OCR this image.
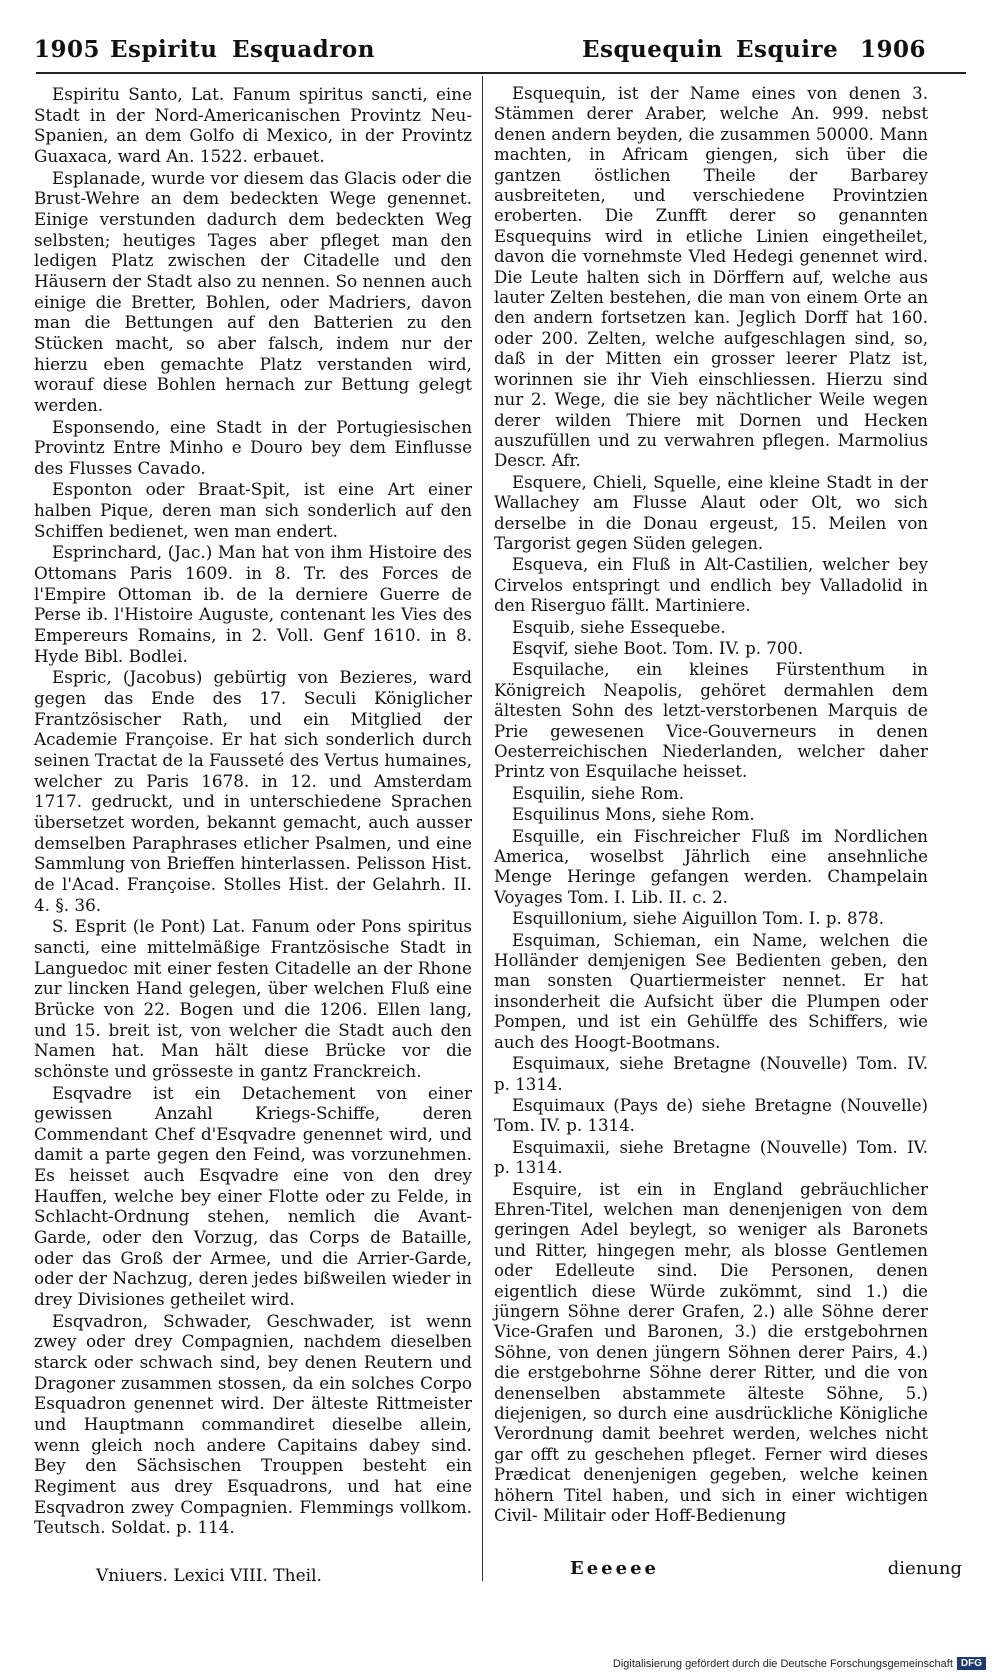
1905 Espiritu Esquadron	Esquequin Esquire 1906

Espiritu Santo, Lat. Fanum spiritus sancti, eine Stadt in der Nord-Americanischen Provintz Neu-Spanien, an dem Golfo di Mexico, in der Provintz Guaxaca, ward An. 1522. erbauet.

Esplanade, wurde vor diesem das Glacis oder die Brust-Wehre an dem bedeckten Wege genennet. Einige verstunden dadurch dem bedeckten Weg selbsten; heutiges Tages aber pfleget man den ledigen Platz zwischen der Citadelle und den Häusern der Stadt also zu nennen. So nennen auch einige die Bretter, Bohlen, oder Madriers, davon man die Bettungen auf den Batterien zu den Stücken macht, so aber falsch, indem nur der hierzu eben gemachte Platz verstanden wird, worauf diese Bohlen hernach zur Bettung gelegt werden.

Esponsendo, eine Stadt in der Portugiesischen Provintz Entre Minho e Douro bey dem Einflusse des Flusses Cavado.

Esponton oder Braat-Spit, ist eine Art einer halben Pique, deren man sich sonderlich auf den Schiffen bedienet, wen man endert.

Esprinchard, (Jac.) Man hat von ihm Histoire des Ottomans Paris 1609. in 8. Tr. des Forces de l'Empire Ottoman ib. de la derniere Guerre de Perse ib. l'Histoire Auguste, contenant les Vies des Empereurs Romains, in 2. Voll. Genf 1610. in 8. Hyde Bibl. Bodlei.

Espric, (Jacobus) gebürtig von Bezieres, ward gegen das Ende des 17. Seculi Königlicher Frantzösischer Rath, und ein Mitglied der Academie Françoise. Er hat sich sonderlich durch seinen Tractat de la Fausseté des Vertus humaines, welcher zu Paris 1678. in 12. und Amsterdam 1717. gedruckt, und in unterschiedene Sprachen übersetzet worden, bekannt gemacht, auch ausser demselben Paraphrases etlicher Psalmen, und eine Sammlung von Brieffen hinterlassen. Pelisson Hist. de l'Acad. Françoise. Stolles Hist. der Gelahrh. II. 4. §. 36.

S. Esprit (le Pont) Lat. Fanum oder Pons spiritus sancti, eine mittelmäßige Frantzösische Stadt in Languedoc mit einer festen Citadelle an der Rhone zur lincken Hand gelegen, über welchen Fluß eine Brücke von 22. Bogen und die 1206. Ellen lang, und 15. breit ist, von welcher die Stadt auch den Namen hat. Man hält diese Brücke vor die schönste und grösseste in gantz Franckreich.

Esqvadre ist ein Detachement von einer gewissen Anzahl Kriegs-Schiffe, deren Commendant Chef d'Esqvadre genennet wird, und damit a parte gegen den Feind, was vorzunehmen. Es heisset auch Esqvadre eine von den drey Hauffen, welche bey einer Flotte oder zu Felde, in Schlacht-Ordnung stehen, nemlich die Avant-Garde, oder den Vorzug, das Corps de Bataille, oder das Groß der Armee, und die Arrier-Garde, oder der Nachzug, deren jedes bißweilen wieder in drey Divisiones getheilet wird.

Esqvadron, Schwader, Geschwader, ist wenn zwey oder drey Compagnien, nachdem dieselben starck oder schwach sind, bey denen Reutern und Dragoner zusammen stossen, da ein solches Corpo Esquadron genennet wird. Der älteste Rittmeister und Hauptmann commandiret dieselbe allein, wenn gleich noch andere Capitains dabey sind. Bey den Sächsischen Trouppen besteht ein Regiment aus drey Esquadrons, und hat eine Esqvadron zwey Compagnien. Flemmings vollkom. Teutsch. Soldat. p. 114.

Esquequin, ist der Name eines von denen 3. Stämmen derer Araber, welche An. 999. nebst denen andern beyden, die zusammen 50000. Mann machten, in Africam giengen, sich über die gantzen östlichen Theile der Barbarey ausbreiteten, und verschiedene Provintzien eroberten. Die Zunfft derer so genannten Esquequins wird in etliche Linien eingetheilet, davon die vornehmste Vled Hedegi genennet wird. Die Leute halten sich in Dörffern auf, welche aus lauter Zelten bestehen, die man von einem Orte an den andern fortsetzen kan. Jeglich Dorff hat 160. oder 200. Zelten, welche aufgeschlagen sind, so, daß in der Mitten ein grosser leerer Platz ist, worinnen sie ihr Vieh einschliessen. Hierzu sind nur 2. Wege, die sie bey nächtlicher Weile wegen derer wilden Thiere mit Dornen und Hecken auszufüllen und zu verwahren pflegen. Marmolius Descr. Afr.

Esquere, Chieli, Squelle, eine kleine Stadt in der Wallachey am Flusse Alaut oder Olt, wo sich derselbe in die Donau ergeust, 15. Meilen von Targorist gegen Süden gelegen.

Esqueva, ein Fluß in Alt-Castilien, welcher bey Cirvelos entspringt und endlich bey Valladolid in den Riserguo fällt. Martiniere.

Esquib, siehe Essequebe.

Esqvif, siehe Boot. Tom. IV. p. 700.

Esquilache, ein kleines Fürstenthum in Königreich Neapolis, gehöret dermahlen dem ältesten Sohn des letzt-verstorbenen Marquis de Prie gewesenen Vice-Gouverneurs in denen Oesterreichischen Niederlanden, welcher daher Printz von Esquilache heisset.

Esquilin, siehe Rom.

Esquilinus Mons, siehe Rom.

Esquille, ein Fischreicher Fluß im Nordlichen America, woselbst Jährlich eine ansehnliche Menge Heringe gefangen werden. Champelain Voyages Tom. I. Lib. II. c. 2.

Esquillonium, siehe Aiguillon Tom. I. p. 878.

Esquiman, Schieman, ein Name, welchen die Holländer demjenigen See Bedienten geben, den man sonsten Quartiermeister nennet. Er hat insonderheit die Aufsicht über die Plumpen oder Pompen, und ist ein Gehülffe des Schiffers, wie auch des Hoogt-Bootmans.

Esquimaux, siehe Bretagne (Nouvelle) Tom. IV. p. 1314.

Esquimaux (Pays de) siehe Bretagne (Nouvelle) Tom. IV. p. 1314.

Esquimaxii, siehe Bretagne (Nouvelle) Tom. IV. p. 1314.

Esquire, ist ein in England gebräuchlicher Ehren-Titel, welchen man denenjenigen von dem geringen Adel beylegt, so weniger als Baronets und Ritter, hingegen mehr, als blosse Gentlemen oder Edelleute sind. Die Personen, denen eigentlich diese Würde zukömmt, sind 1.) die jüngern Söhne derer Grafen, 2.) alle Söhne derer Vice-Grafen und Baronen, 3.) die erstgebohrnen Söhne, von denen jüngern Söhnen derer Pairs, 4.) die erstgebohrne Söhne derer Ritter, und die von denenselben abstammete älteste Söhne, 5.) diejenigen, so durch eine ausdrückliche Königliche Verordnung damit beehret werden, welches nicht gar offt zu geschehen pfleget. Ferner wird dieses Prædicat denenjenigen gegeben, welche keinen höhern Titel haben, und sich in einer wichtigen Civil- Militair oder Hoff-Bedienung

Vniuers. Lexici VIII. Theil.	Eeeeee	dienung
Digitalisierung gefördert durch die Deutsche Forschungsgemeinschaft DFG
